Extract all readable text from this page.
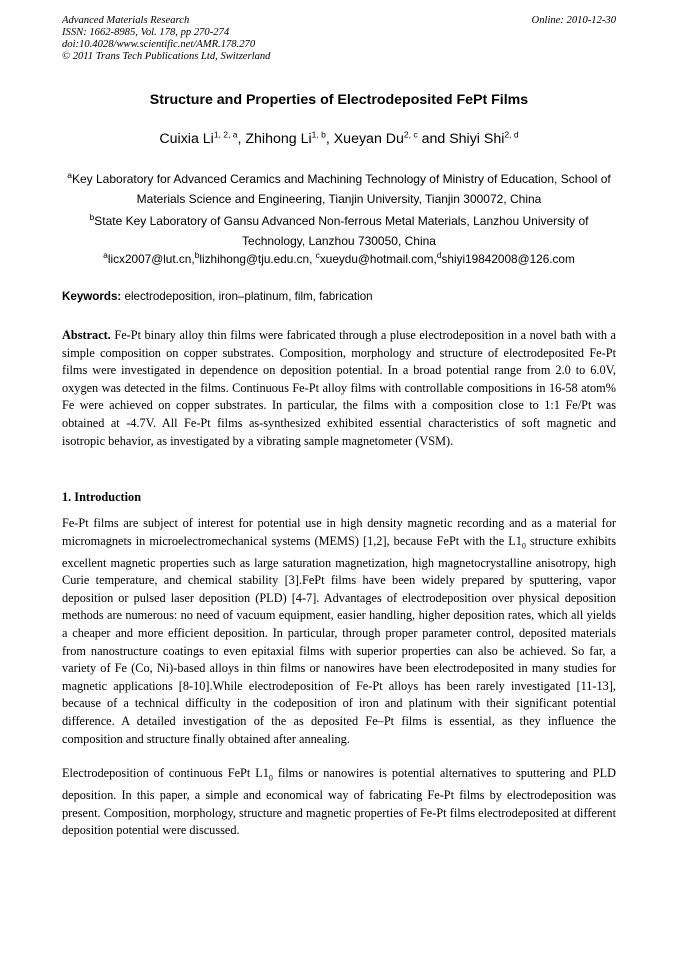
Advanced Materials Research
ISSN: 1662-8985, Vol. 178, pp 270-274
doi:10.4028/www.scientific.net/AMR.178.270
© 2011 Trans Tech Publications Ltd, Switzerland
Online: 2010-12-30
Structure and Properties of Electrodeposited FePt Films
Cuixia Li$^{1, 2, a}$, Zhihong Li$^{1, b}$, Xueyan Du$^{2, c}$ and Shiyi Shi$^{2, d}$
$^a$Key Laboratory for Advanced Ceramics and Machining Technology of Ministry of Education, School of Materials Science and Engineering, Tianjin University, Tianjin 300072, China
$^b$State Key Laboratory of Gansu Advanced Non-ferrous Metal Materials, Lanzhou University of Technology, Lanzhou 730050, China
$^a$licx2007@lut.cn,$^b$lizhihong@tju.edu.cn, $^c$xueydu@hotmail.com,$^d$shiyi19842008@126.com
Keywords: electrodeposition, iron–platinum, film, fabrication
Abstract. Fe-Pt binary alloy thin films were fabricated through a pluse electrodeposition in a novel bath with a simple composition on copper substrates. Composition, morphology and structure of electrodeposited Fe-Pt films were investigated in dependence on deposition potential. In a broad potential range from 2.0 to 6.0V, oxygen was detected in the films. Continuous Fe-Pt alloy films with controllable compositions in 16-58 atom% Fe were achieved on copper substrates. In particular, the films with a composition close to 1:1 Fe/Pt was obtained at -4.7V. All Fe-Pt films as-synthesized exhibited essential characteristics of soft magnetic and isotropic behavior, as investigated by a vibrating sample magnetometer (VSM).
1. Introduction
Fe-Pt films are subject of interest for potential use in high density magnetic recording and as a material for micromagnets in microelectromechanical systems (MEMS) [1,2], because FePt with the $L1_0$ structure exhibits excellent magnetic properties such as large saturation magnetization, high magnetocrystalline anisotropy, high Curie temperature, and chemical stability [3].FePt films have been widely prepared by sputtering, vapor deposition or pulsed laser deposition (PLD) [4-7]. Advantages of electrodeposition over physical deposition methods are numerous: no need of vacuum equipment, easier handling, higher deposition rates, which all yields a cheaper and more efficient deposition. In particular, through proper parameter control, deposited materials from nanostructure coatings to even epitaxial films with superior properties can also be achieved. So far, a variety of Fe (Co, Ni)-based alloys in thin films or nanowires have been electrodeposited in many studies for magnetic applications [8-10].While electrodeposition of Fe-Pt alloys has been rarely investigated [11-13], because of a technical difficulty in the codeposition of iron and platinum with their significant potential difference. A detailed investigation of the as deposited Fe–Pt films is essential, as they influence the composition and structure finally obtained after annealing.
Electrodeposition of continuous FePt $L1_0$ films or nanowires is potential alternatives to sputtering and PLD deposition. In this paper, a simple and economical way of fabricating Fe-Pt films by electrodeposition was present. Composition, morphology, structure and magnetic properties of Fe-Pt films electrodeposited at different deposition potential were discussed.
